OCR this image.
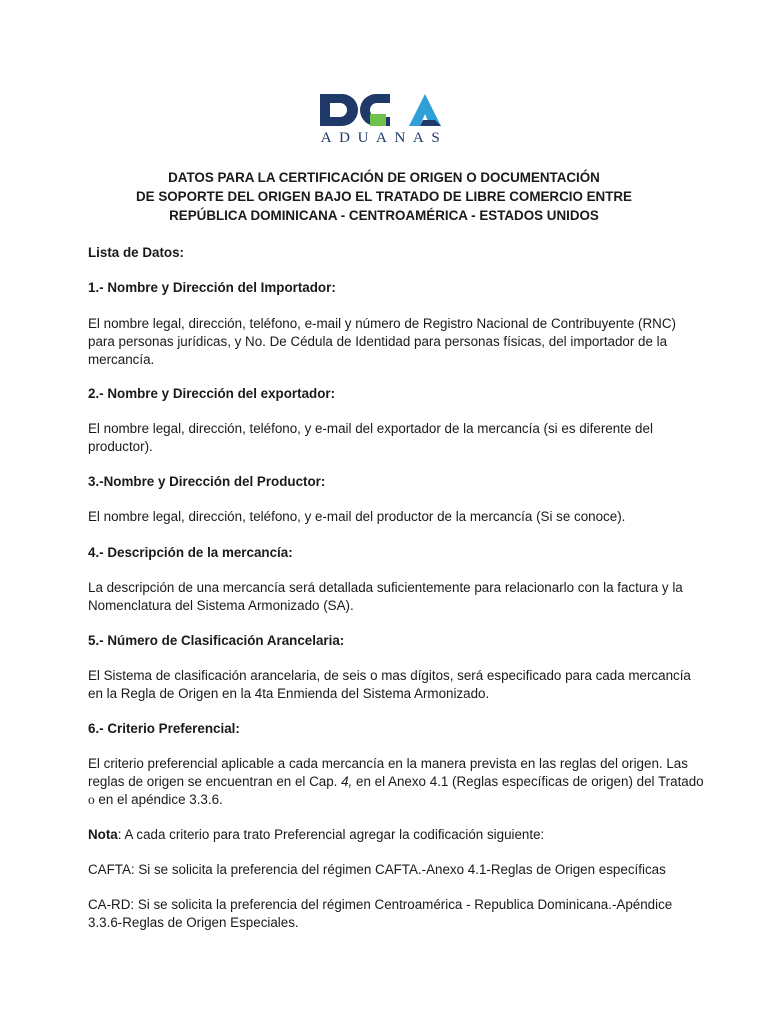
ADUANAS
DATOS PARA LA CERTIFICACIÓN DE ORIGEN O DOCUMENTACIÓN
DE SOPORTE DEL ORIGEN BAJO EL TRATADO DE LIBRE COMERCIO ENTRE
REPÚBLICA DOMINICANA - CENTROAMÉRICA - ESTADOS UNIDOS

Lista de Datos:

1.- Nombre y Dirección del Importador:

El nombre legal, dirección, teléfono, e-mail y número de Registro Nacional de Contribuyente (RNC)

para personas jurídicas, y No. De Cédula de Identidad para personas físicas, del importador de la

mercancía.

2.- Nombre y Dirección del exportador:

El nombre legal, dirección, teléfono, y e-mail del exportador de la mercancía (si es diferente del

productor).

3.-Nombre y Dirección del Productor:

El nombre legal, dirección, teléfono, y e-mail del productor de la mercancía (Si se conoce).

4.- Descripción de la mercancía:

La descripción de una mercancía será detallada suficientemente para relacionarlo con la factura y la

Nomenclatura del Sistema Armonizado (SA).

5.- Número de Clasificación Arancelaria:

El Sistema de clasificación arancelaria, de seis o mas dígitos, será especificado para cada mercancía

en la Regla de Origen en la 4ta Enmienda del Sistema Armonizado.

6.- Criterio Preferencial:

El criterio preferencial aplicable a cada mercancía en la manera prevista en las reglas del origen. Las

reglas de origen se encuentran en el Cap. 4, en el Anexo 4.1 (Reglas específicas de origen) del Tratado

o en el apéndice 3.3.6.

Nota: A cada criterio para trato Preferencial agregar la codificación siguiente:

CAFTA: Si se solicita la preferencia del régimen CAFTA.-Anexo 4.1-Reglas de Origen específicas

CA-RD: Si se solicita la preferencia del régimen Centroamérica - Republica Dominicana.-Apéndice

3.3.6-Reglas de Origen Especiales.
